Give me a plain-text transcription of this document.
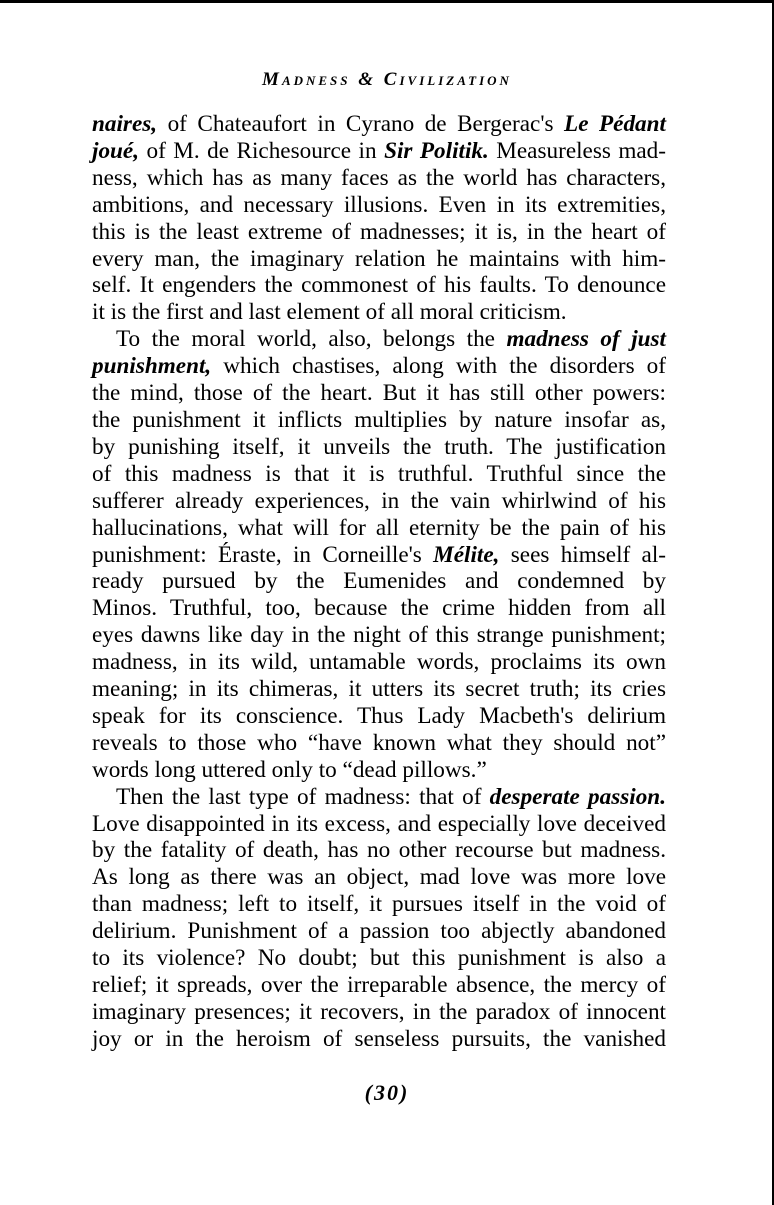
Madness & Civilization
naires, of Chateaufort in Cyrano de Bergerac's Le Pédant
joué, of M. de Richesource in Sir Politik. Measureless mad-
ness, which has as many faces as the world has characters,
ambitions, and necessary illusions. Even in its extremities,
this is the least extreme of madnesses; it is, in the heart of
every man, the imaginary relation he maintains with him-
self. It engenders the commonest of his faults. To denounce
it is the first and last element of all moral criticism.
To the moral world, also, belongs the madness of just
punishment, which chastises, along with the disorders of
the mind, those of the heart. But it has still other powers:
the punishment it inflicts multiplies by nature insofar as,
by punishing itself, it unveils the truth. The justification
of this madness is that it is truthful. Truthful since the
sufferer already experiences, in the vain whirlwind of his
hallucinations, what will for all eternity be the pain of his
punishment: Éraste, in Corneille's Mélite, sees himself al-
ready pursued by the Eumenides and condemned by
Minos. Truthful, too, because the crime hidden from all
eyes dawns like day in the night of this strange punishment;
madness, in its wild, untamable words, proclaims its own
meaning; in its chimeras, it utters its secret truth; its cries
speak for its conscience. Thus Lady Macbeth's delirium
reveals to those who “have known what they should not”
words long uttered only to “dead pillows.”
Then the last type of madness: that of desperate passion.
Love disappointed in its excess, and especially love deceived
by the fatality of death, has no other recourse but madness.
As long as there was an object, mad love was more love
than madness; left to itself, it pursues itself in the void of
delirium. Punishment of a passion too abjectly abandoned
to its violence? No doubt; but this punishment is also a
relief; it spreads, over the irreparable absence, the mercy of
imaginary presences; it recovers, in the paradox of innocent
joy or in the heroism of senseless pursuits, the vanished
(30)
